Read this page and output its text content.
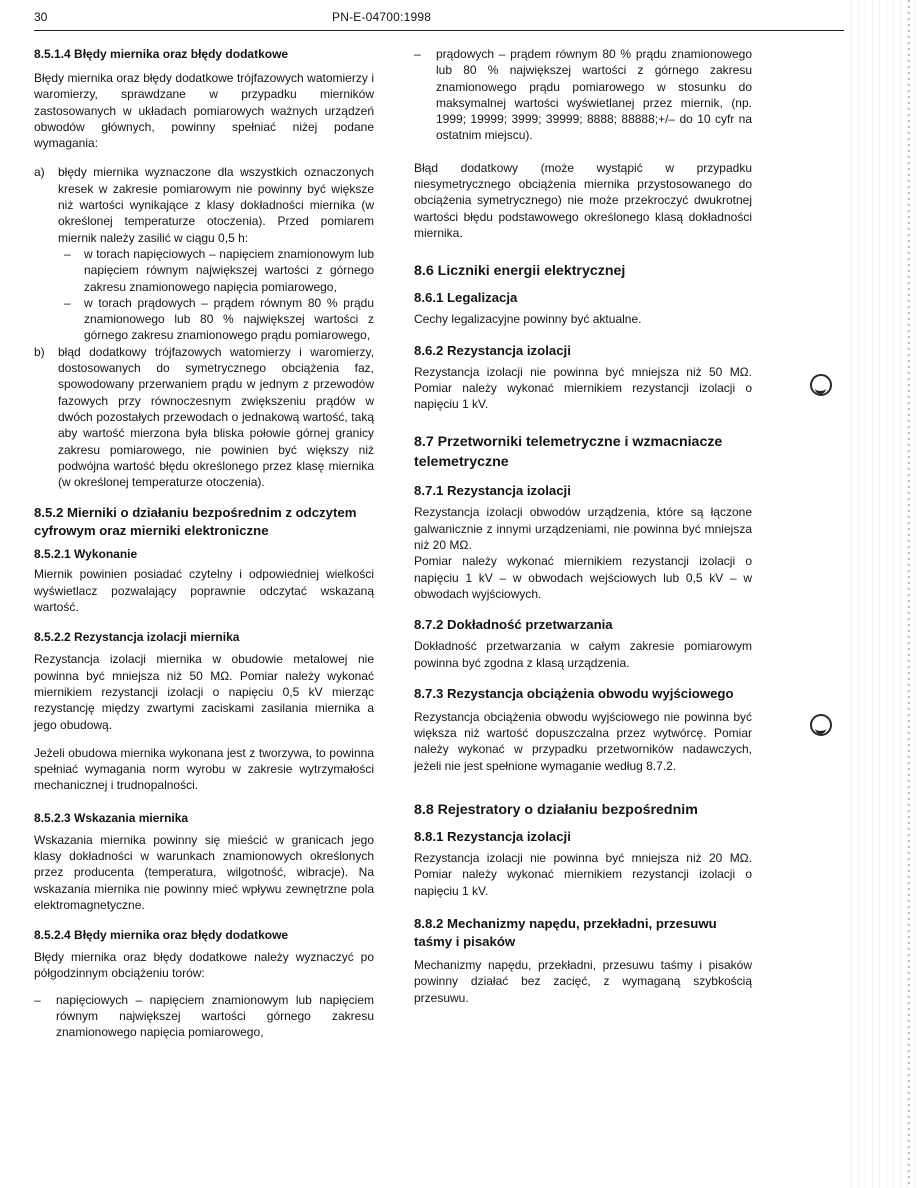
30	PN-E-04700:1998
8.5.1.4 Błędy miernika oraz błędy dodatkowe

Błędy miernika oraz błędy dodatkowe trójfazowych watomierzy i waromierzy, sprawdzane w przypadku mierników zastosowanych w układach pomiarowych ważnych urządzeń obwodów głównych, powinny spełniać niżej podane wymagania:

a)	błędy miernika wyznaczone dla wszystkich oznaczonych kresek w zakresie pomiarowym nie powinny być większe niż wartości wynikające z klasy dokładności miernika (w określonej temperaturze otoczenia). Przed pomiarem miernik należy zasilić w ciągu 0,5 h:

–	w torach napięciowych – napięciem znamionowym lub napięciem równym największej wartości z górnego zakresu znamionowego napięcia pomiarowego,

–	w torach prądowych – prądem równym 80 % prądu znamionowego lub 80 % największej wartości z górnego zakresu znamionowego prądu pomiarowego,

b)	błąd dodatkowy trójfazowych watomierzy i waromierzy, dostosowanych do symetrycznego obciążenia faz, spowodowany przerwaniem prądu w jednym z przewodów fazowych przy równoczesnym zwiększeniu prądów w dwóch pozostałych przewodach o jednakową wartość, taką aby wartość mierzona była bliska połowie górnej granicy zakresu pomiarowego, nie powinien być większy niż podwójna wartość błędu określonego przez klasę miernika (w określonej temperaturze otoczenia).

8.5.2 Mierniki o działaniu bezpośrednim z odczytem cyfrowym oraz mierniki elektroniczne
8.5.2.1 Wykonanie

Miernik powinien posiadać czytelny i odpowiedniej wielkości wyświetlacz pozwalający poprawnie odczytać wskazaną wartość.

8.5.2.2 Rezystancja izolacji miernika

Rezystancja izolacji miernika w obudowie metalowej nie powinna być mniejsza niż 50 MΩ. Pomiar należy wykonać miernikiem rezystancji izolacji o napięciu 0,5 kV mierząc rezystancję między zwartymi zaciskami zasilania miernika a jego obudową.

Jeżeli obudowa miernika wykonana jest z tworzywa, to powinna spełniać wymagania norm wyrobu w zakresie wytrzymałości mechanicznej i trudnopalności.

8.5.2.3 Wskazania miernika

Wskazania miernika powinny się mieścić w granicach jego klasy dokładności w warunkach znamionowych określonych przez producenta (temperatura, wilgotność, wibracje). Na wskazania miernika nie powinny mieć wpływu zewnętrzne pola elektromagnetyczne.

8.5.2.4 Błędy miernika oraz błędy dodatkowe

Błędy miernika oraz błędy dodatkowe należy wyznaczyć po półgodzinnym obciążeniu torów:

–	napięciowych – napięciem znamionowym lub napięciem równym największej wartości górnego zakresu znamionowego napięcia pomiarowego,

–	prądowych – prądem równym 80 % prądu znamionowego lub 80 % największej wartości z górnego zakresu znamionowego prądu pomiarowego w stosunku do maksymalnej wartości wyświetlanej przez miernik, (np. 1999; 19999; 3999; 39999; 8888; 88888;+/– do 10 cyfr na ostatnim miejscu).

Błąd dodatkowy (może wystąpić w przypadku niesymetrycznego obciążenia miernika przystosowanego do obciążenia symetrycznego) nie może przekroczyć dwukrotnej wartości błędu podstawowego określonego klasą dokładności miernika.

8.6 Liczniki energii elektrycznej
8.6.1 Legalizacja

Cechy legalizacyjne powinny być aktualne.

8.6.2 Rezystancja izolacji

Rezystancja izolacji nie powinna być mniejsza niż 50 MΩ. Pomiar należy wykonać miernikiem rezystancji izolacji o napięciu 1 kV.

8.7 Przetworniki telemetryczne i wzmacniacze telemetryczne
8.7.1 Rezystancja izolacji

Rezystancja izolacji obwodów urządzenia, które są łączone galwanicznie z innymi urządzeniami, nie powinna być mniejsza niż 20 MΩ.

Pomiar należy wykonać miernikiem rezystancji izolacji o napięciu 1 kV – w obwodach wejściowych lub 0,5 kV – w obwodach wyjściowych.

8.7.2 Dokładność przetwarzania

Dokładność przetwarzania w całym zakresie pomiarowym powinna być zgodna z klasą urządzenia.

8.7.3 Rezystancja obciążenia obwodu wyjściowego

Rezystancja obciążenia obwodu wyjściowego nie powinna być większa niż wartość dopuszczalna przez wytwórcę. Pomiar należy wykonać w przypadku przetworników nadawczych, jeżeli nie jest spełnione wymaganie według 8.7.2.

8.8 Rejestratory o działaniu bezpośrednim
8.8.1 Rezystancja izolacji

Rezystancja izolacji nie powinna być mniejsza niż 20 MΩ. Pomiar należy wykonać miernikiem rezystancji izolacji o napięciu 1 kV.

8.8.2 Mechanizmy napędu, przekładni, przesuwu taśmy i pisaków

Mechanizmy napędu, przekładni, przesuwu taśmy i pisaków powinny działać bez zacięć, z wymaganą szybkością przesuwu.
